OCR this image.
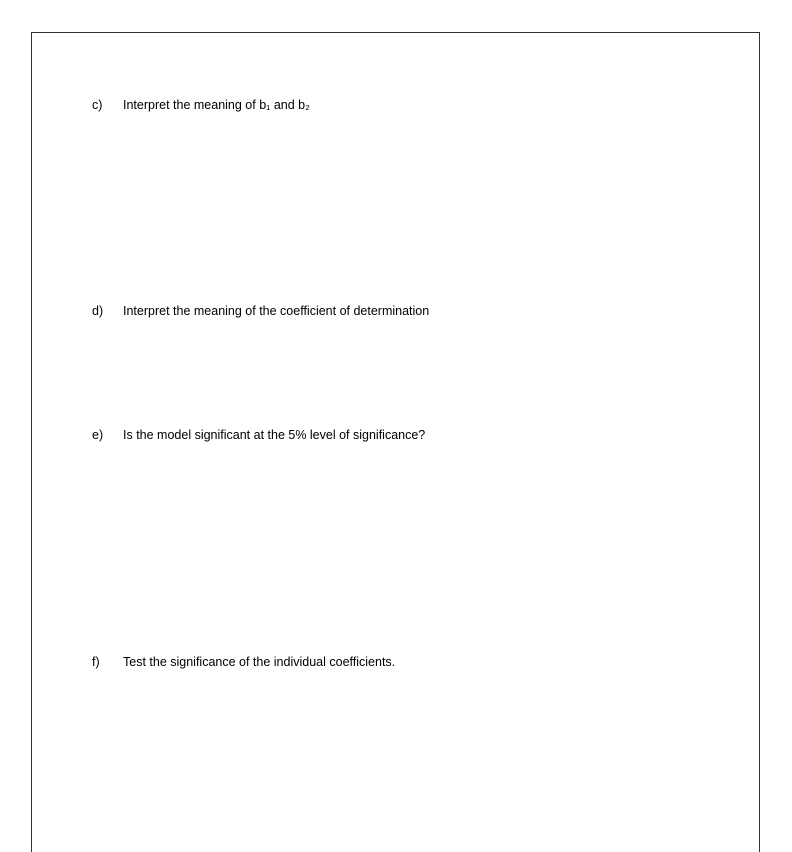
c)	Interpret the meaning of b₁ and b₂
d)	Interpret the meaning of the coefficient of determination
e)	Is the model significant at the 5% level of significance?
f)	Test the significance of the individual coefficients.
